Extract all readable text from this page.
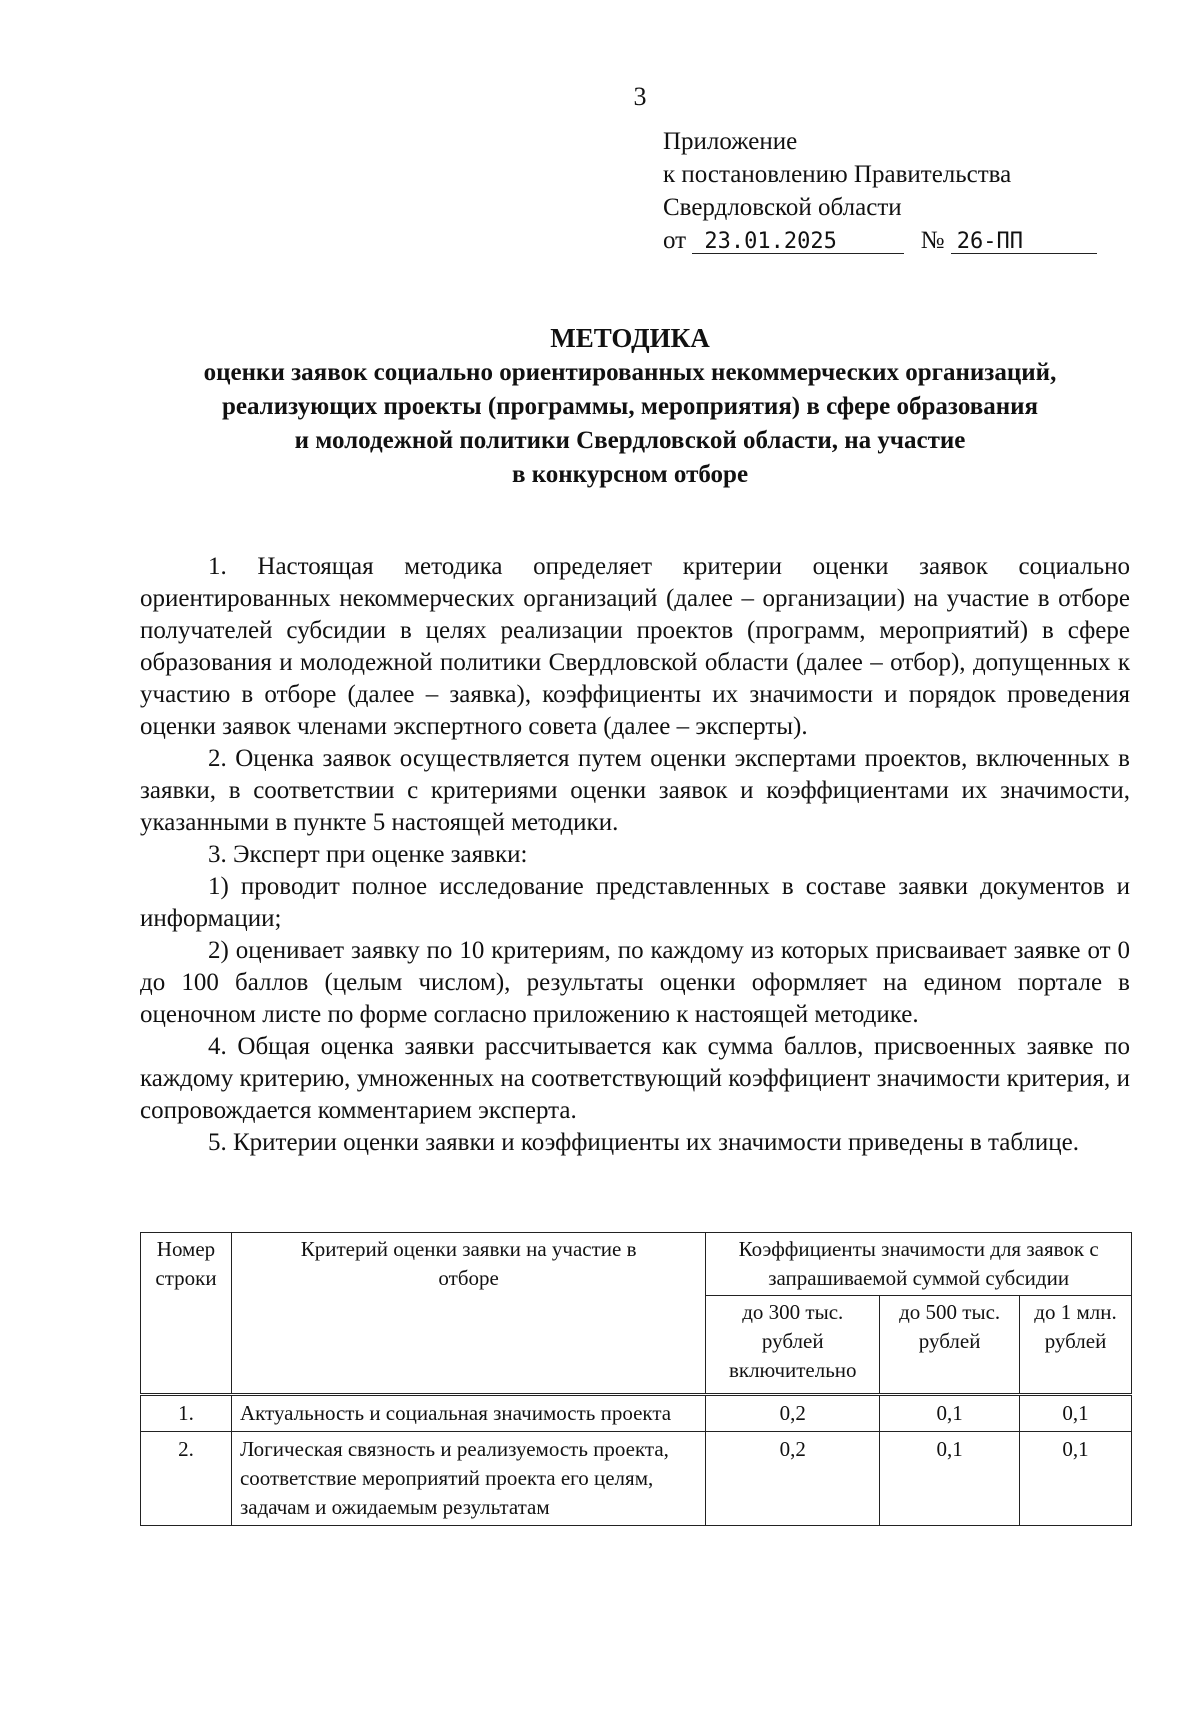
3
Приложение
к постановлению Правительства
Свердловской области
от 23.01.2025	№ 26-ПП
МЕТОДИКА
оценки заявок социально ориентированных некоммерческих организаций,
реализующих проекты (программы, мероприятия) в сфере образования
и молодежной политики Свердловской области, на участие
в конкурсном отборе

1. Настоящая методика определяет критерии оценки заявок социально ориентированных некоммерческих организаций (далее – организации) на участие в отборе получателей субсидии в целях реализации проектов (программ, мероприятий) в сфере образования и молодежной политики Свердловской области (далее – отбор), допущенных к участию в отборе (далее – заявка), коэффициенты их значимости и порядок проведения оценки заявок членами экспертного совета (далее – эксперты).

2. Оценка заявок осуществляется путем оценки экспертами проектов, включенных в заявки, в соответствии с критериями оценки заявок и коэффициентами их значимости, указанными в пункте 5 настоящей методики.

3. Эксперт при оценке заявки:

1) проводит полное исследование представленных в составе заявки документов и информации;

2) оценивает заявку по 10 критериям, по каждому из которых присваивает заявке от 0 до 100 баллов (целым числом), результаты оценки оформляет на едином портале в оценочном листе по форме согласно приложению к настоящей методике.

4. Общая оценка заявки рассчитывается как сумма баллов, присвоенных заявке по каждому критерию, умноженных на соответствующий коэффициент значимости критерия, и сопровождается комментарием эксперта.

5. Критерии оценки заявки и коэффициенты их значимости приведены в таблице.

Номер строки	Критерий оценки заявки на участие в отборе	Коэффициенты значимости для заявок с запрашиваемой суммой субсидии		
		до 300 тыс. рублей включительно	до 500 тыс. рублей	до 1 млн. рублей
1.	Актуальность и социальная значимость проекта	0,2	0,1	0,1
2.	Логическая связность и реализуемость проекта, соответствие мероприятий проекта его целям, задачам и ожидаемым результатам	0,2	0,1	0,1
